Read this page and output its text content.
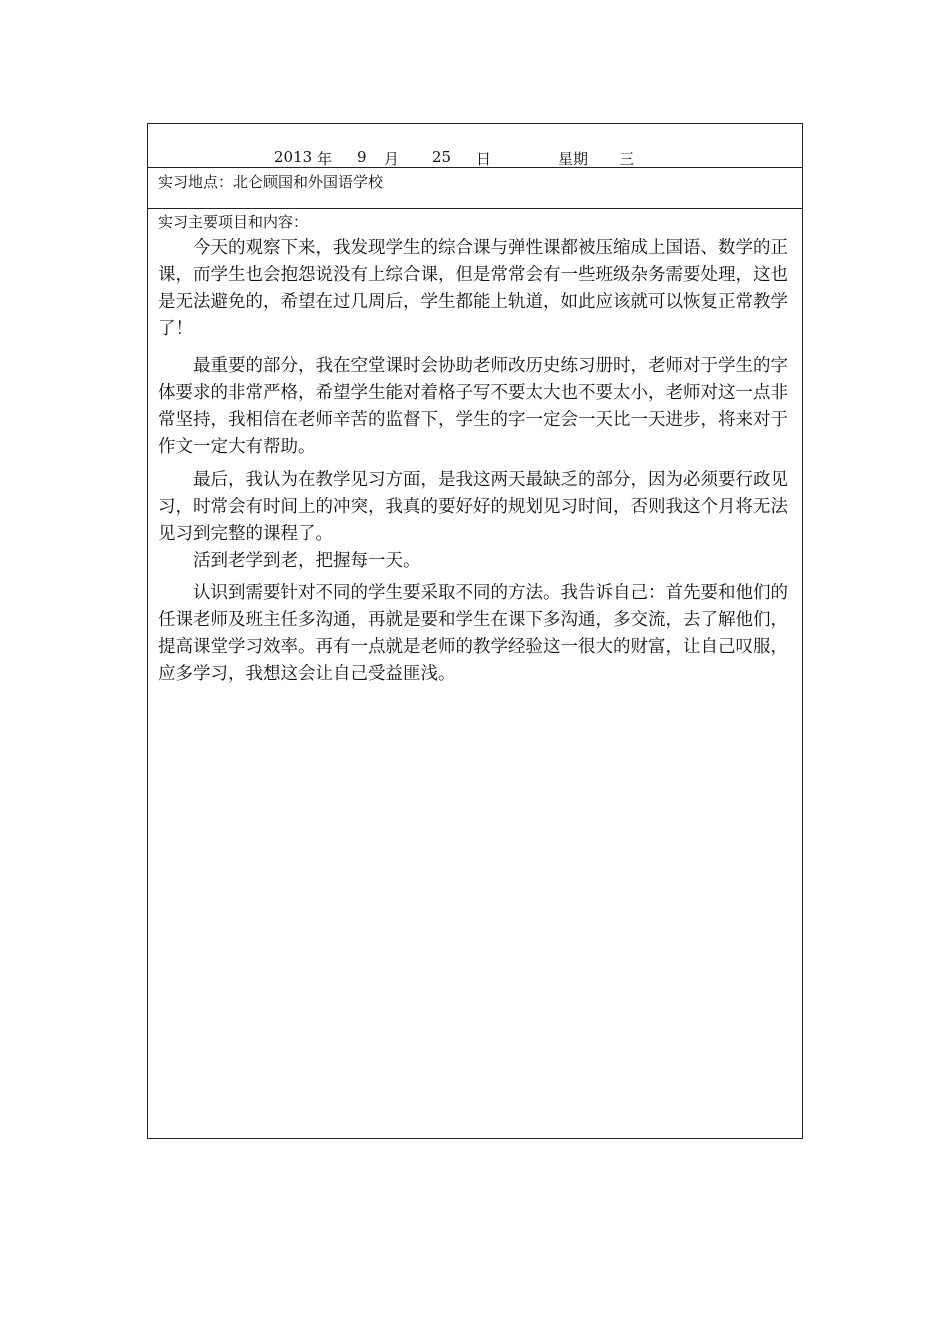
2013 年 9 月 25 日	星期 三
实习地点：北仑顾国和外国语学校
实习主要项目和内容：

今天的观察下来，我发现学生的综合课与弹性课都被压缩成上国语、数学的正课，而学生也会抱怨说没有上综合课，但是常常会有一些班级杂务需要处理，这也是无法避免的，希望在过几周后，学生都能上轨道，如此应该就可以恢复正常教学了！

最重要的部分，我在空堂课时会协助老师改历史练习册时，老师对于学生的字体要求的非常严格，希望学生能对着格子写不要太大也不要太小，老师对这一点非常坚持，我相信在老师辛苦的监督下，学生的字一定会一天比一天进步，将来对于作文一定大有帮助。

最后，我认为在教学见习方面，是我这两天最缺乏的部分，因为必须要行政见习，时常会有时间上的冲突，我真的要好好的规划见习时间，否则我这个月将无法见习到完整的课程了。

活到老学到老，把握每一天。

认识到需要针对不同的学生要采取不同的方法。我告诉自己：首先要和他们的任课老师及班主任多沟通，再就是要和学生在课下多沟通，多交流，去了解他们，提高课堂学习效率。再有一点就是老师的教学经验这一很大的财富，让自己叹服，应多学习，我想这会让自己受益匪浅。
